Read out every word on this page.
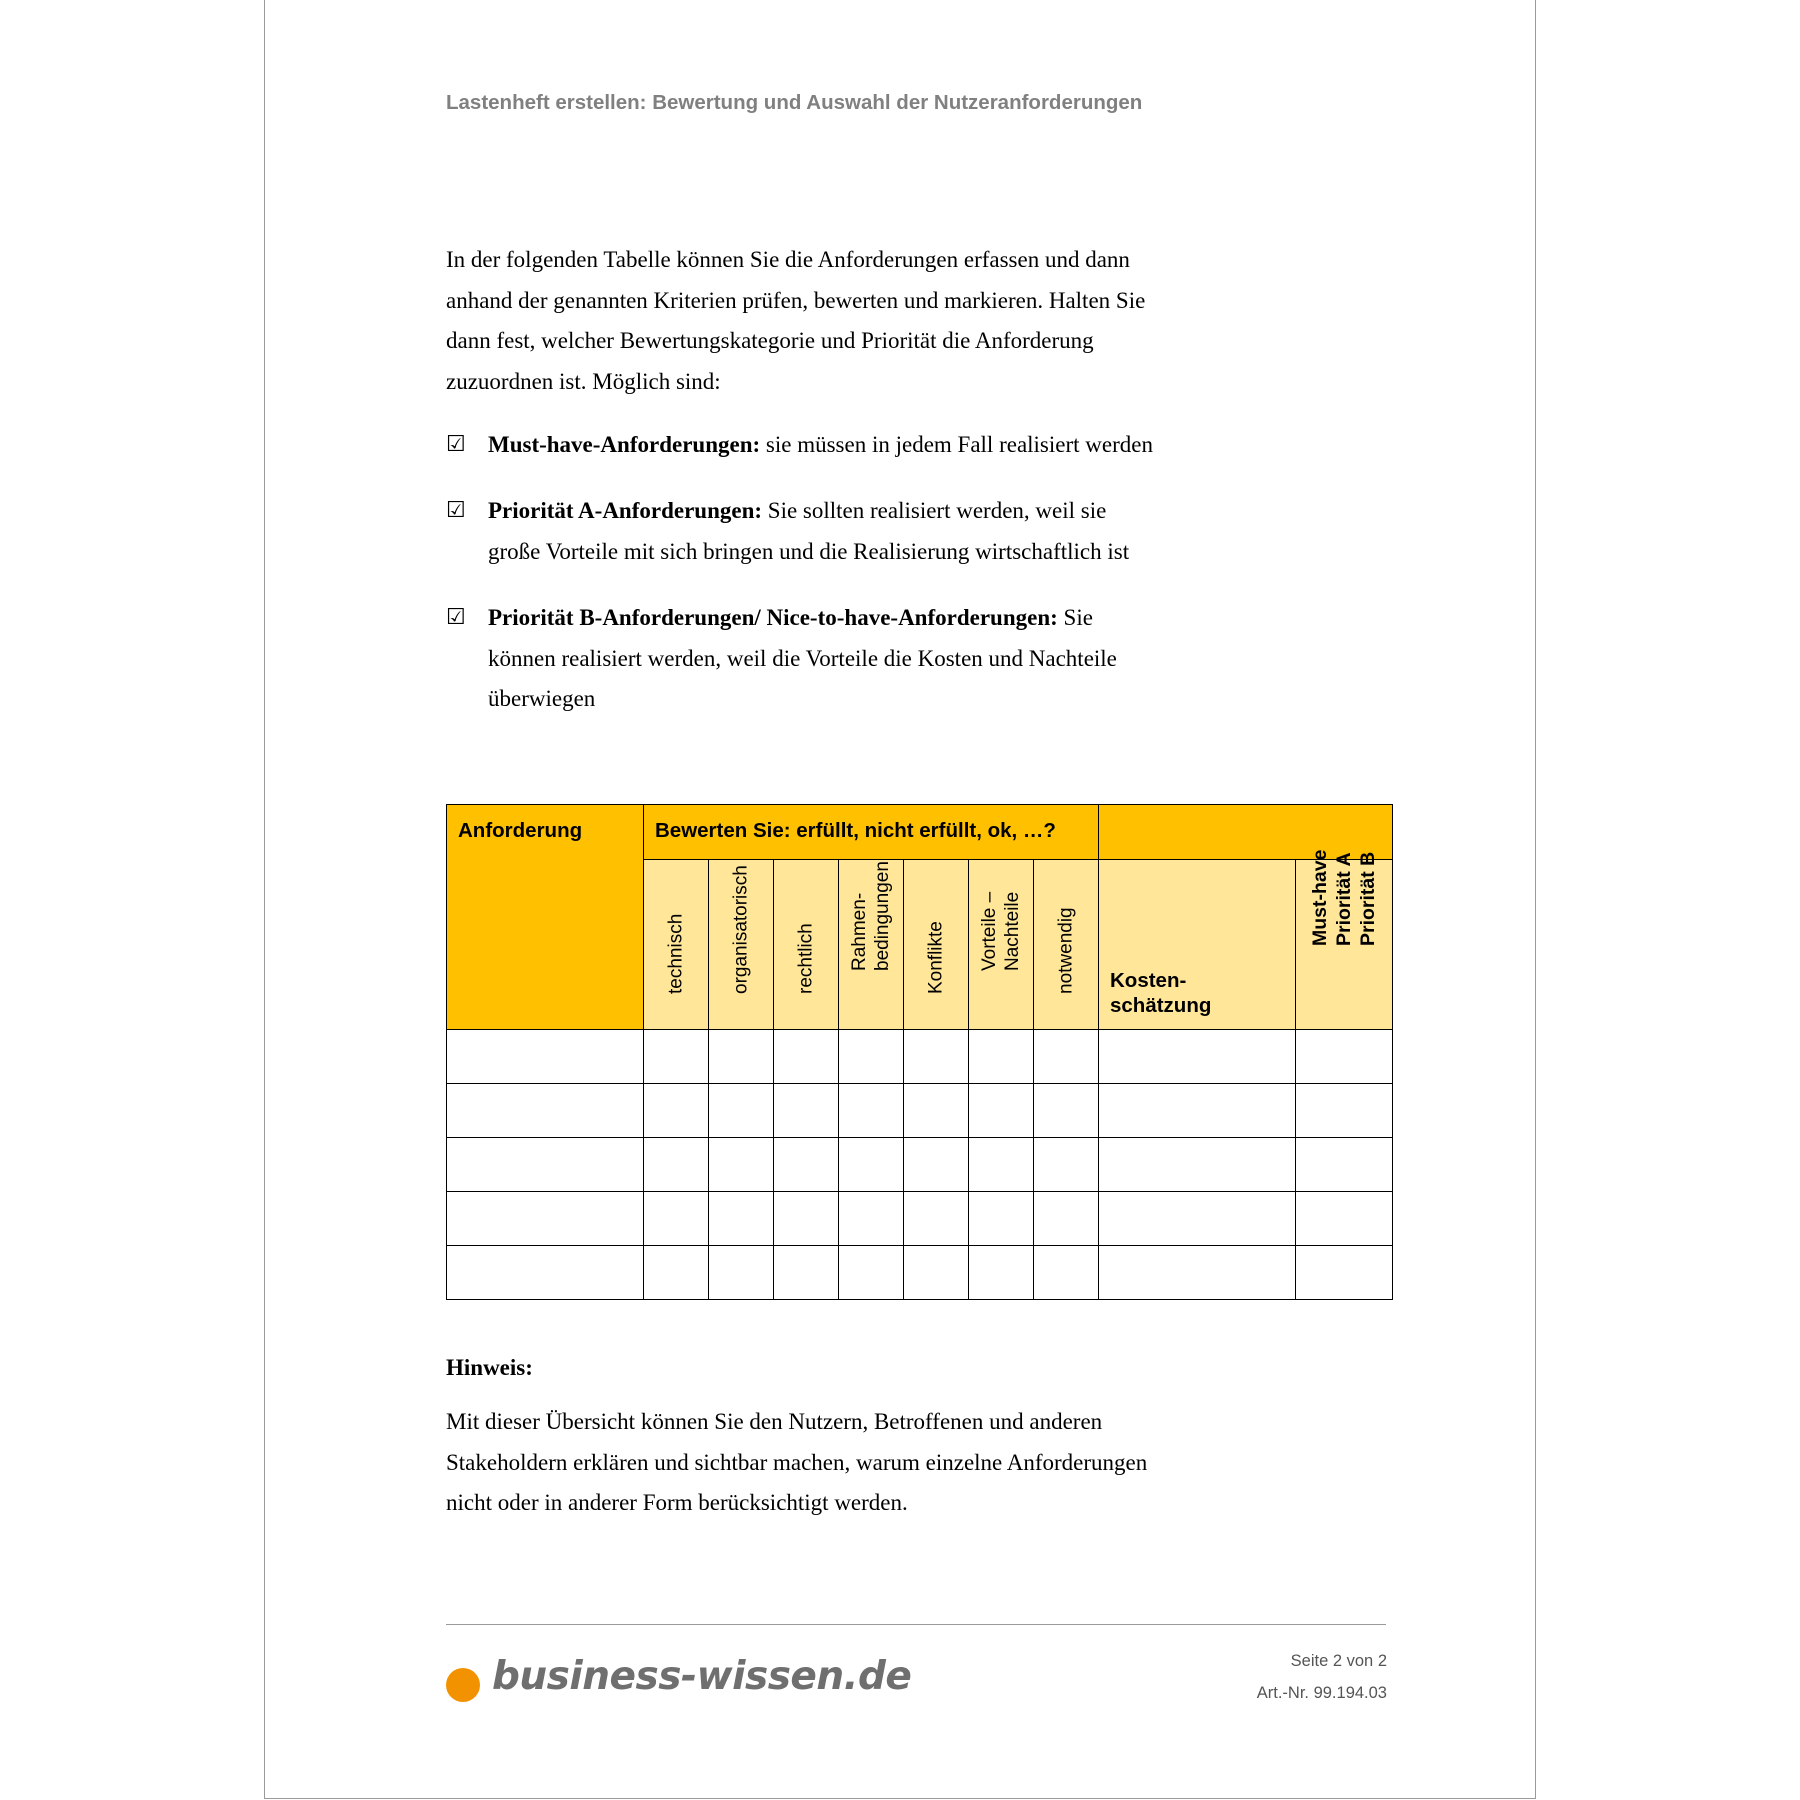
Lastenheft erstellen: Bewertung und Auswahl der Nutzeranforderungen

In der folgenden Tabelle können Sie die Anforderungen erfassen und dann

anhand der genannten Kriterien prüfen, bewerten und markieren. Halten Sie

dann fest, welcher Bewertungskategorie und Priorität die Anforderung

zuzuordnen ist. Möglich sind:

☑ Must-have-Anforderungen: sie müssen in jedem Fall realisiert werden
☑ Priorität A-Anforderungen: Sie sollten realisiert werden, weil sie
große Vorteile mit sich bringen und die Realisierung wirtschaftlich ist
☑ Priorität B-Anforderungen/ Nice-to-have-Anforderungen: Sie
können realisiert werden, weil die Vorteile die Kosten und Nachteile
überwiegen
Anforderung	Bewerten Sie: erfüllt, nicht erfüllt, ok, …?								

	technisch	organisatorisch	rechtlich	Rahmen- bedingungen	Konflikte	Vorteile – Nachteile	notwendig	Kosten-
schätzung	Must-have Priorität A Priorität B

Hinweis:

Mit dieser Übersicht können Sie den Nutzern, Betroffenen und anderen

Stakeholdern erklären und sichtbar machen, warum einzelne Anforderungen

nicht oder in anderer Form berücksichtigt werden.

business-wissen.de	Seite 2 von 2
Art.-Nr. 99.194.03
